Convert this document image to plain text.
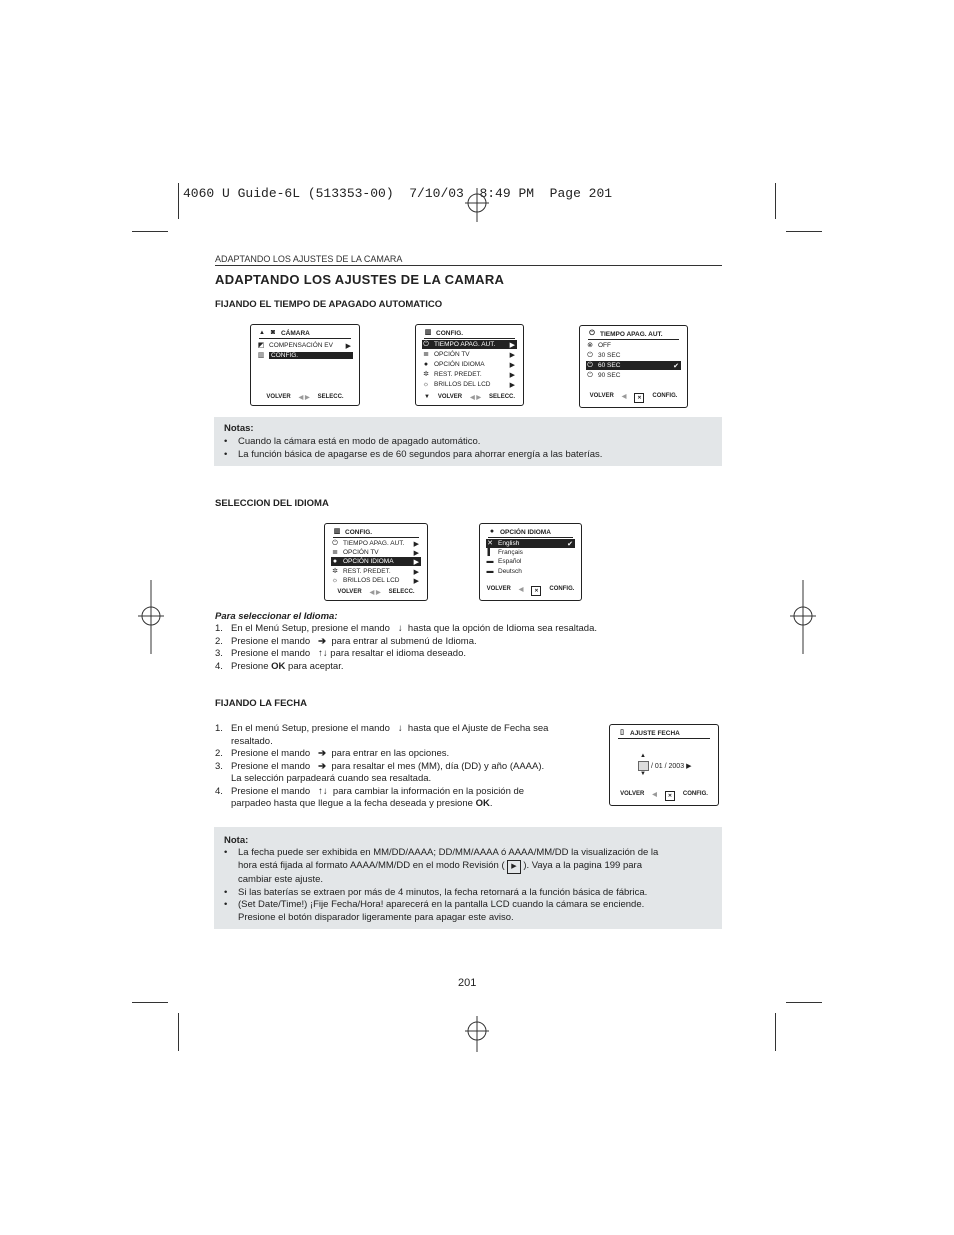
4060 U Guide-6L (513353-00)  7/10/03  8:49 PM  Page 201
ADAPTANDO LOS AJUSTES DE LA CAMARA
ADAPTANDO LOS AJUSTES DE LA CAMARA
FIJANDO EL TIEMPO DE APAGADO AUTOMATICO
▲ ◙ CÁMARA
◩ COMPENSACIÓN EV ▶
▥	CONFIG.	▶
VOLVER ◀ ▶ SELECC.
▥ CONFIG.
⏻ TIEMPO APAG. AUT. ▶
≣ OPCIÓN TV	▶
● OPCIÓN IDIOMA	▶
✲ REST. PREDET.	▶
☼ BRILLOS DEL LCD	▶
▼ VOLVER ◀ ▶ SELECC.
⏻ TIEMPO APAG. AUT.
⊗ OFF
⏻ 30 SEC
⏻ 60 SEC	✔
⏻ 90 SEC
VOLVER ◀	✕	CONFIG.
Notas:
• Cuando la cámara está en modo de apagado automático.
• La función básica de apagarse es de 60 segundos para ahorrar energía a las baterías.
SELECCION DEL IDIOMA
▥ CONFIG.
⏻ TIEMPO APAG. AUT. ▶
≣ OPCIÓN TV	▶
● OPCIÓN IDIOMA	▶
✲ REST. PREDET.	▶
☼ BRILLOS DEL LCD ▶
VOLVER ◀ ▶ SELECC.
● OPCIÓN IDIOMA
✕ English	✔
▌ Français
▬ Español
▬ Deutsch
VOLVER ◀	✕	CONFIG.
Para seleccionar el Idioma:
1. En el Menú Setup, presione el mando   ↓  hasta que la opción de Idioma sea resaltada.
2. Presione el mando   ➔  para entrar al submenú de Idioma.
3. Presione el mando   ↑↓ para resaltar el idioma deseado.
4. Presione OK para aceptar.
FIJANDO LA FECHA
1. En el menú Setup, presione el mando   ↓  hasta que el Ajuste de Fecha sea
resaltado.
2. Presione el mando   ➔  para entrar en las opciones.
3. Presione el mando   ➔  para resaltar el mes (MM), día (DD) y año (AAAA).
La selección parpadeará cuando sea resaltada.
4. Presione el mando   ↑↓  para cambiar la información en la posición de
parpadeo hasta que llegue a la fecha deseada y presione OK.
▯ AJUSTE FECHA
▲
/ 01 / 2003 ▶
▼
VOLVER ◀	✕	CONFIG.
Nota:
• La fecha puede ser exhibida en MM/DD/AAAA; DD/MM/AAAA ó AAAA/MM/DD la visualización de la
hora está fijada al formato AAAA/MM/DD en el modo Revisión ( ▶ ). Vaya a la pagina 199 para
cambiar este ajuste.
• Si las baterías se extraen por más de 4 minutos, la fecha retornará a la función básica de fábrica.
• (Set Date/Time!) ¡Fije Fecha/Hora! aparecerá en la pantalla LCD cuando la cámara se enciende.
Presione el botón disparador ligeramente para apagar este aviso.
201
